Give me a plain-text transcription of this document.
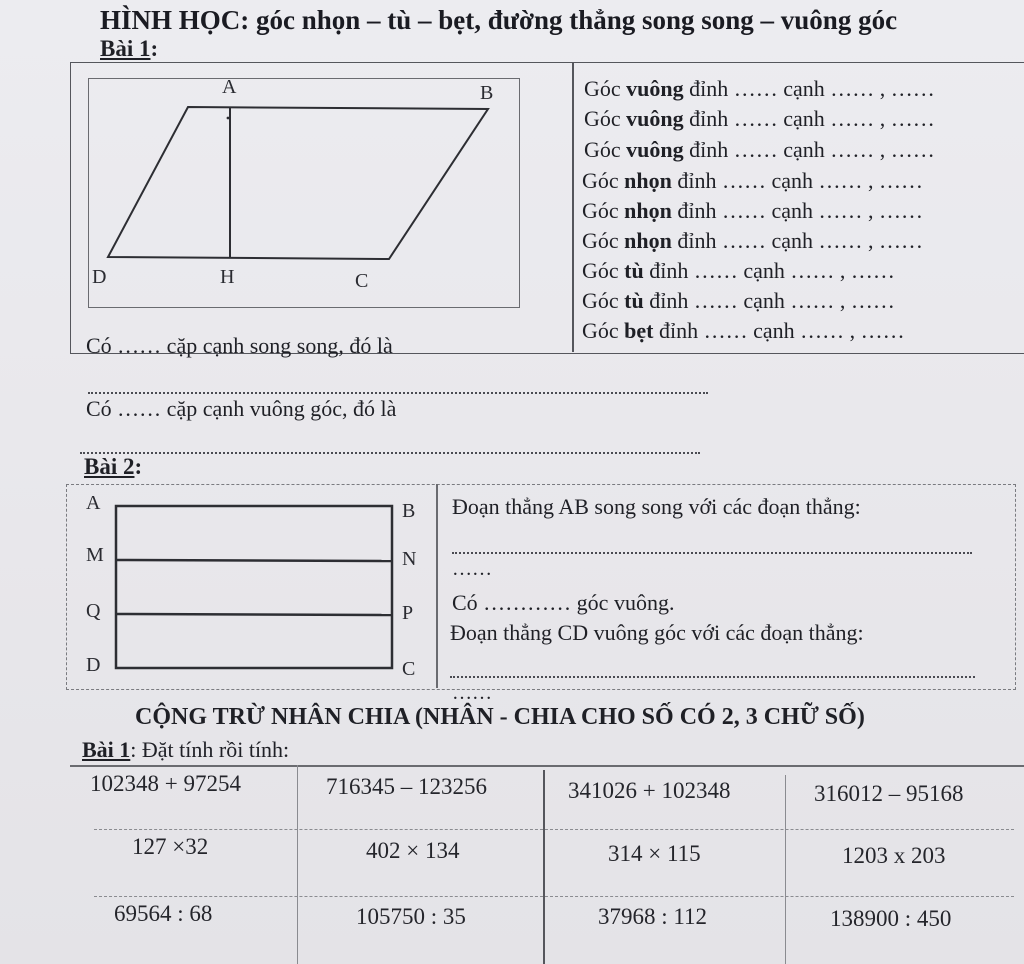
HÌNH HỌC: góc nhọn – tù – bẹt, đường thẳng song song – vuông góc
Bài 1:
A	B
D	H	C
Góc vuông đỉnh …… cạnh …… , ……
Góc vuông đỉnh …… cạnh …… , ……
Góc vuông đỉnh …… cạnh …… , ……
Góc nhọn đỉnh …… cạnh …… , ……
Góc nhọn đỉnh …… cạnh …… , ……
Góc nhọn đỉnh …… cạnh …… , ……
Góc tù đỉnh …… cạnh …… , ……
Góc tù đỉnh …… cạnh …… , ……
Góc bẹt đỉnh …… cạnh …… , ……
Có …… cặp cạnh song song, đó là
Có …… cặp cạnh vuông góc, đó là
Bài 2:
A	B
M	N
Q	P
D	C
Đoạn thẳng AB song song với các đoạn thẳng:
……
Có ………… góc vuông.
Đoạn thẳng CD vuông góc với các đoạn thẳng:
……
CỘNG TRỪ NHÂN CHIA (NHÂN - CHIA CHO SỐ CÓ 2, 3 CHỮ SỐ)
Bài 1: Đặt tính rồi tính:
102348 + 97254	716345 – 123256	341026 + 102348	316012 – 95168
127 ×32	402 × 134	314 × 115	1203 x 203
69564 : 68	105750 : 35	37968 : 112	138900 : 450
